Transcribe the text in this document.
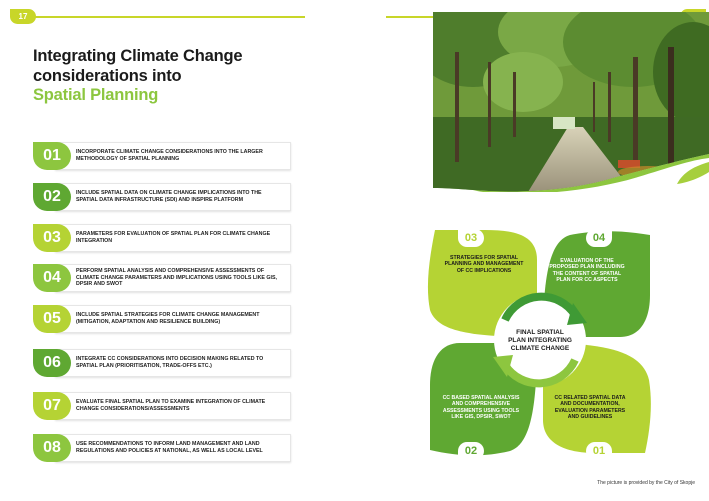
17
Integrating Climate Change
considerations into
Spatial Planning
01	INCORPORATE CLIMATE CHANGE CONSIDERATIONS INTO THE LARGER METHODOLOGY OF SPATIAL PLANNING
02	INCLUDE SPATIAL DATA ON CLIMATE CHANGE IMPLICATIONS INTO THE SPATIAL DATA INFRASTRUCTURE (SDI) AND INSPIRE PLATFORM
03	PARAMETERS FOR EVALUATION OF SPATIAL PLAN FOR CLIMATE CHANGE INTEGRATION
04	PERFORM SPATIAL ANALYSIS AND COMPREHENSIVE ASSESSMENTS OF CLIMATE CHANGE PARAMETERS AND IMPLICATIONS USING TOOLS LIKE GIS, DPSIR AND SWOT
05	INCLUDE SPATIAL STRATEGIES FOR CLIMATE CHANGE MANAGEMENT (MITIGATION, ADAPTATION AND RESILIENCE BUILDING)
06	INTEGRATE CC CONSIDERATIONS INTO DECISION MAKING RELATED TO SPATIAL PLAN (PRIORITISATION, TRADE-OFFS ETC.)
07	EVALUATE FINAL SPATIAL PLAN TO EXAMINE INTEGRATION OF CLIMATE CHANGE CONSIDERATIONS/ASSESSMENTS
08	USE RECOMMENDATIONS TO INFORM LAND MANAGEMENT AND LAND REGULATIONS AND POLICIES AT NATIONAL, AS WELL AS LOCAL LEVEL
FINAL SPATIAL PLAN INTEGRATING CLIMATE CHANGE
STRATEGIES FOR SPATIAL PLANNING AND MANAGEMENT OF CC IMPLICATIONS
EVALUATION OF THE PROPOSED PLAN INCLUDING THE CONTENT OF SPATIAL PLAN FOR CC ASPECTS
CC BASED SPATIAL ANALYSIS AND COMPREHENSIVE ASSESSMENTS USING TOOLS LIKE GIS, DPSIR, SWOT
CC RELATED SPATIAL DATA AND DOCUMENTATION, EVALUATION PARAMETERS AND GUIDELINES
03	04
02	01
The picture is provided by the City of Skopje
